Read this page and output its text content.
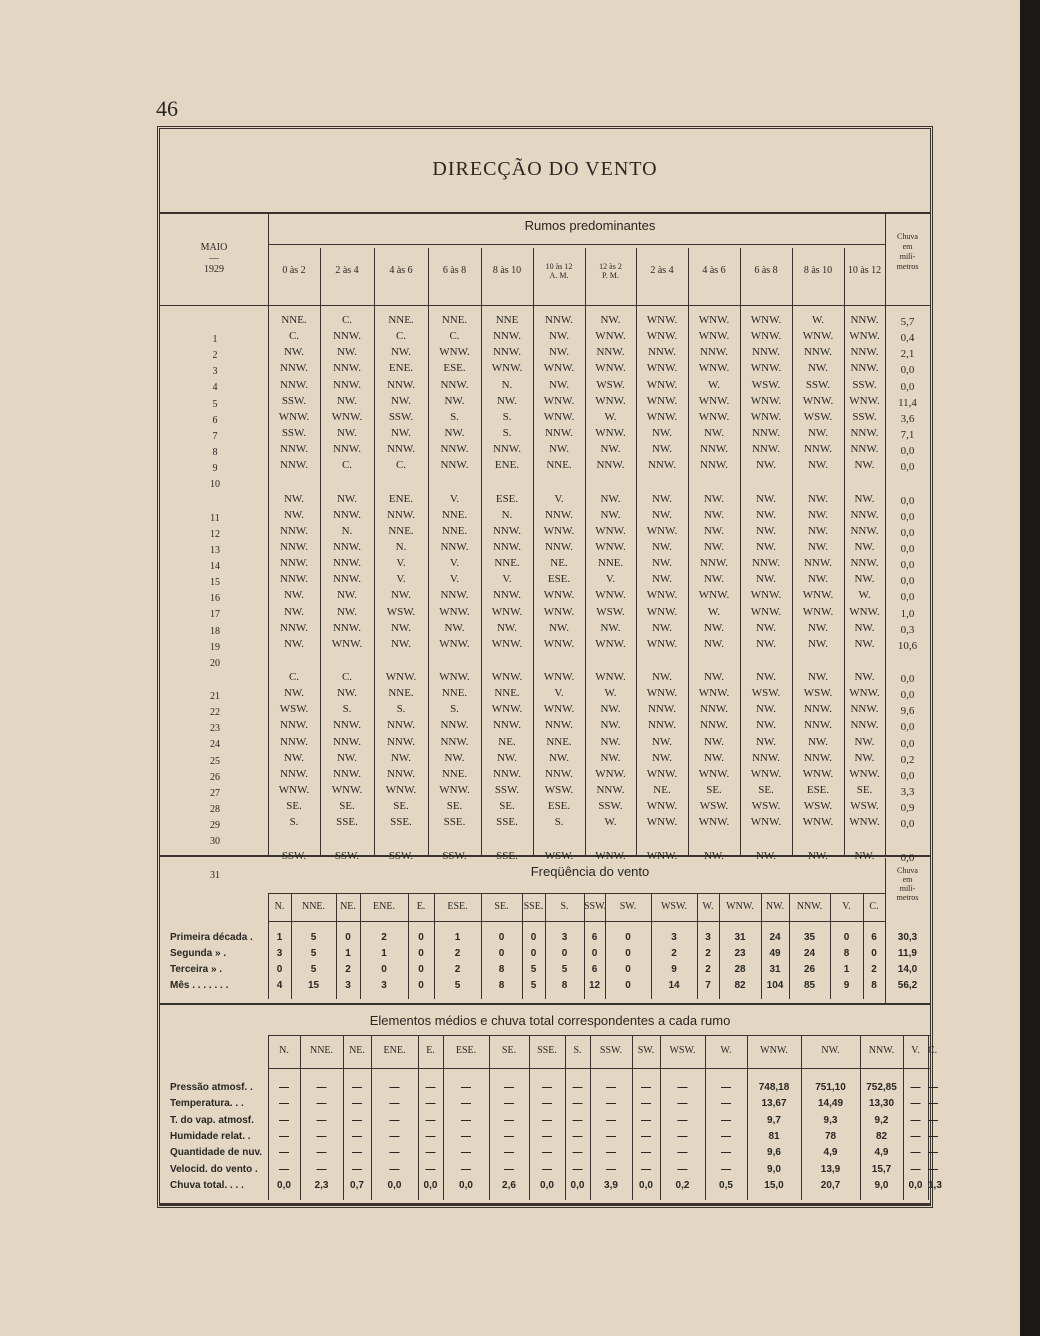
46
DIRECÇÃO DO VENTO
Rumos predominantes
MAIO
1929
—
Chuva
em
milí-
metros
0 às 2	2 às 4	4 às 6	6 às 8	8 às 10	10 às 12
A. M.
12 às 2
P. M.	2 às 4	4 às 6	6 às 8	8 às 10	10 às 12
1
NNE.	C.	NNE.	NNE.	NNE	NNW.	NW.	WNW.	WNW.	WNW.	W.	NNW.	5,7
2
C.	NNW.	C.	C.	NNW.	NW.	WNW.	WNW.	WNW.	WNW.	WNW.	WNW.	0,4
3
NW.	NW.	NW.	WNW.	NNW.	NW.	NNW.	NNW.	NNW.	NNW.	NNW.	NNW.	2,1
4
NNW.	NNW.	ENE.	ESE.	WNW.	WNW.	WNW.	WNW.	WNW.	WNW.	NW.	NNW.	0,0
5
NNW.	NNW.	NNW.	NNW.	N.	NW.	WSW.	WNW.	W.	WSW.	SSW.	SSW.	0,0
6
SSW.	NW.	NW.	NW.	NW.	WNW.	WNW.	WNW.	WNW.	WNW.	WNW.	WNW.	11,4
7
WNW.	WNW.	SSW.	S.	S.	WNW.	W.	WNW.	WNW.	WNW.	WSW.	SSW.	3,6
8
SSW.	NW.	NW.	NW.	S.	NNW.	WNW.	NW.	NW.	NNW.	NW.	NNW.	7,1
9
NNW.	NNW.	NNW.	NNW.	NNW.	NW.	NW.	NW.	NNW.	NNW.	NNW.	NNW.	0,0
10
NNW.	C.	C.	NNW.	ENE.	NNE.	NNW.	NNW.	NNW.	NW.	NW.	NW.	0,0
11
NW.	NW.	ENE.	V.	ESE.	V.	NW.	NW.	NW.	NW.	NW.	NW.	0,0
12
NW.	NNW.	NNW.	NNE.	N.	NNW.	NW.	NW.	NW.	NW.	NW.	NNW.	0,0
13
NNW.	N.	NNE.	NNE.	NNW.	WNW.	WNW.	WNW.	NW.	NW.	NW.	NNW.	0,0
14
NNW.	NNW.	N.	NNW.	NNW.	NNW.	WNW.	NW.	NW.	NW.	NW.	NW.	0,0
15
NNW.	NNW.	V.	V.	NNE.	NE.	NNE.	NW.	NNW.	NNW.	NNW.	NNW.	0,0
16
NNW.	NNW.	V.	V.	V.	ESE.	V.	NW.	NW.	NW.	NW.	NW.	0,0
17
NW.	NW.	NW.	NNW.	NNW.	WNW.	WNW.	WNW.	WNW.	WNW.	WNW.	W.	0,0
18
NW.	NW.	WSW.	WNW.	WNW.	WNW.	WSW.	WNW.	W.	WNW.	WNW.	WNW.	1,0
19
NNW.	NNW.	NW.	NW.	NW.	NW.	NW.	NW.	NW.	NW.	NW.	NW.	0,3
20
NW.	WNW.	NW.	WNW.	WNW.	WNW.	WNW.	WNW.	NW.	NW.	NW.	NW.	10,6
21
C.	C.	WNW.	WNW.	WNW.	WNW.	WNW.	NW.	NW.	NW.	NW.	NW.	0,0
22
NW.	NW.	NNE.	NNE.	NNE.	V.	W.	WNW.	WNW.	WSW.	WSW.	WNW.	0,0
23
WSW.	S.	S.	S.	WNW.	WNW.	NW.	NNW.	NNW.	NW.	NNW.	NNW.	9,6
24
NNW.	NNW.	NNW.	NNW.	NNW.	NNW.	NW.	NNW.	NNW.	NW.	NNW.	NNW.	0,0
25
NNW.	NNW.	NNW.	NNW.	NE.	NNE.	NW.	NW.	NW.	NW.	NW.	NW.	0,0
26
NW.	NW.	NW.	NW.	NW.	NW.	NW.	NW.	NW.	NNW.	NNW.	NW.	0,2
27
NNW.	NNW.	NNW.	NNE.	NNW.	NNW.	WNW.	WNW.	WNW.	WNW.	WNW.	WNW.	0,0
28
WNW.	WNW.	WNW.	WNW.	SSW.	WSW.	NNW.	NE.	SE.	SE.	ESE.	SE.	3,3
29
SE.	SE.	SE.	SE.	SE.	ESE.	SSW.	WNW.	WSW.	WSW.	WSW.	WSW.	0,9
30
S.	SSE.	SSE.	SSE.	SSE.	S.	W.	WNW.	WNW.	WNW.	WNW.	WNW.	0,0
31
SSW.	SSW.	SSW.	SSW.	SSE.	WSW.	WNW.	WNW.	NW.	NW.	NW.	NW.	0,0
Freqüência do vento	Chuva
em
milí-
metros
N.	NNE.	NE.	ENE.	E.	ESE.	SE.	SSE.	S.	SSW.	SW.	WSW.	W.	WNW.	NW.	NNW.	V.	C.
Primeira década .	1	5	0	2	0	1	0	0	3	6	0	3	3	31	24	35	0	6	30,3
Segunda » .	3	5	1	1	0	2	0	0	0	0	0	2	2	23	49	24	8	0	11,9
Terceira » .	0	5	2	0	0	2	8	5	5	6	0	9	2	28	31	26	1	2	14,0
Mês . . . . . . .	4	15	3	3	0	5	8	5	8	12	0	14	7	82	104	85	9	8	56,2
Elementos médios e chuva total correspondentes a cada rumo
N.	NNE.	NE.	ENE.	E.	ESE.	SE.	SSE.	S.	SSW.	SW.	WSW.	W.	WNW.	NW.	NNW.	V. C.
Pressão atmosf. .	—	—	—	—	—	—	—	—	—	—	—	—	—	748,18	751,10	752,85	— —
Temperatura. . .	—	—	—	—	—	—	—	—	—	—	—	—	—	13,67	14,49	13,30	— —
T. do vap. atmosf.	—	—	—	—	—	—	—	—	—	—	—	—	—	9,7	9,3	9,2	— —
Humidade relat. .	—	—	—	—	—	—	—	—	—	—	—	—	—	81	78	82	— —
Quantidade de nuv.	—	—	—	—	—	—	—	—	—	—	—	—	—	9,6	4,9	4,9	— —
Velocid. do vento .	—	—	—	—	—	—	—	—	—	—	—	—	—	9,0	13,9	15,7	— —
Chuva total. . . .	0,0	2,3	0,7	0,0	0,0	0,0	2,6	0,0	0,0	3,9	0,0	0,2	0,5	15,0	20,7	9,0	0,0 1,3
